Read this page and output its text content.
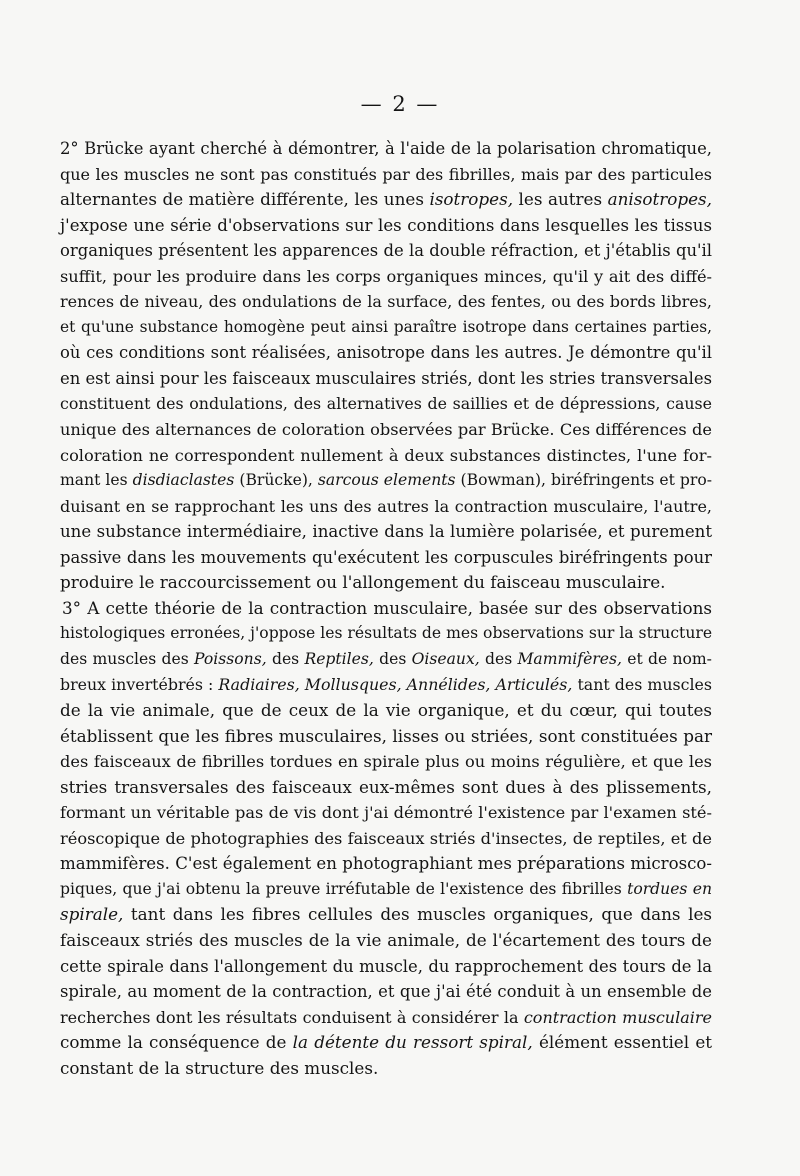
— 2 —
2° Brücke ayant cherché à démontrer, à l'aide de la polarisation chromatique,
que les muscles ne sont pas constitués par des fibrilles, mais par des particules
alternantes de matière différente, les unes isotropes, les autres anisotropes,
j'expose une série d'observations sur les conditions dans lesquelles les tissus
organiques présentent les apparences de la double réfraction, et j'établis qu'il
suffit, pour les produire dans les corps organiques minces, qu'il y ait des diffé-
rences de niveau, des ondulations de la surface, des fentes, ou des bords libres,
et qu'une substance homogène peut ainsi paraître isotrope dans certaines parties,
où ces conditions sont réalisées, anisotrope dans les autres. Je démontre qu'il
en est ainsi pour les faisceaux musculaires striés, dont les stries transversales
constituent des ondulations, des alternatives de saillies et de dépressions, cause
unique des alternances de coloration observées par Brücke. Ces différences de
coloration ne correspondent nullement à deux substances distinctes, l'une for-
mant les disdiaclastes (Brücke), sarcous elements (Bowman), biréfringents et pro-
duisant en se rapprochant les uns des autres la contraction musculaire, l'autre,
une substance intermédiaire, inactive dans la lumière polarisée, et purement
passive dans les mouvements qu'exécutent les corpuscules biréfringents pour
produire le raccourcissement ou l'allongement du faisceau musculaire.
3° A cette théorie de la contraction musculaire, basée sur des observations
histologiques erronées, j'oppose les résultats de mes observations sur la structure
des muscles des Poissons, des Reptiles, des Oiseaux, des Mammifères, et de nom-
breux invertébrés : Radiaires, Mollusques, Annélides, Articulés, tant des muscles
de la vie animale, que de ceux de la vie organique, et du cœur, qui toutes
établissent que les fibres musculaires, lisses ou striées, sont constituées par
des faisceaux de fibrilles tordues en spirale plus ou moins régulière, et que les
stries transversales des faisceaux eux-mêmes sont dues à des plissements,
formant un véritable pas de vis dont j'ai démontré l'existence par l'examen sté-
réoscopique de photographies des faisceaux striés d'insectes, de reptiles, et de
mammifères. C'est également en photographiant mes préparations microsco-
piques, que j'ai obtenu la preuve irréfutable de l'existence des fibrilles tordues en
spirale, tant dans les fibres cellules des muscles organiques, que dans les
faisceaux striés des muscles de la vie animale, de l'écartement des tours de
cette spirale dans l'allongement du muscle, du rapprochement des tours de la
spirale, au moment de la contraction, et que j'ai été conduit à un ensemble de
recherches dont les résultats conduisent à considérer la contraction musculaire
comme la conséquence de la détente du ressort spiral, élément essentiel et
constant de la structure des muscles.
